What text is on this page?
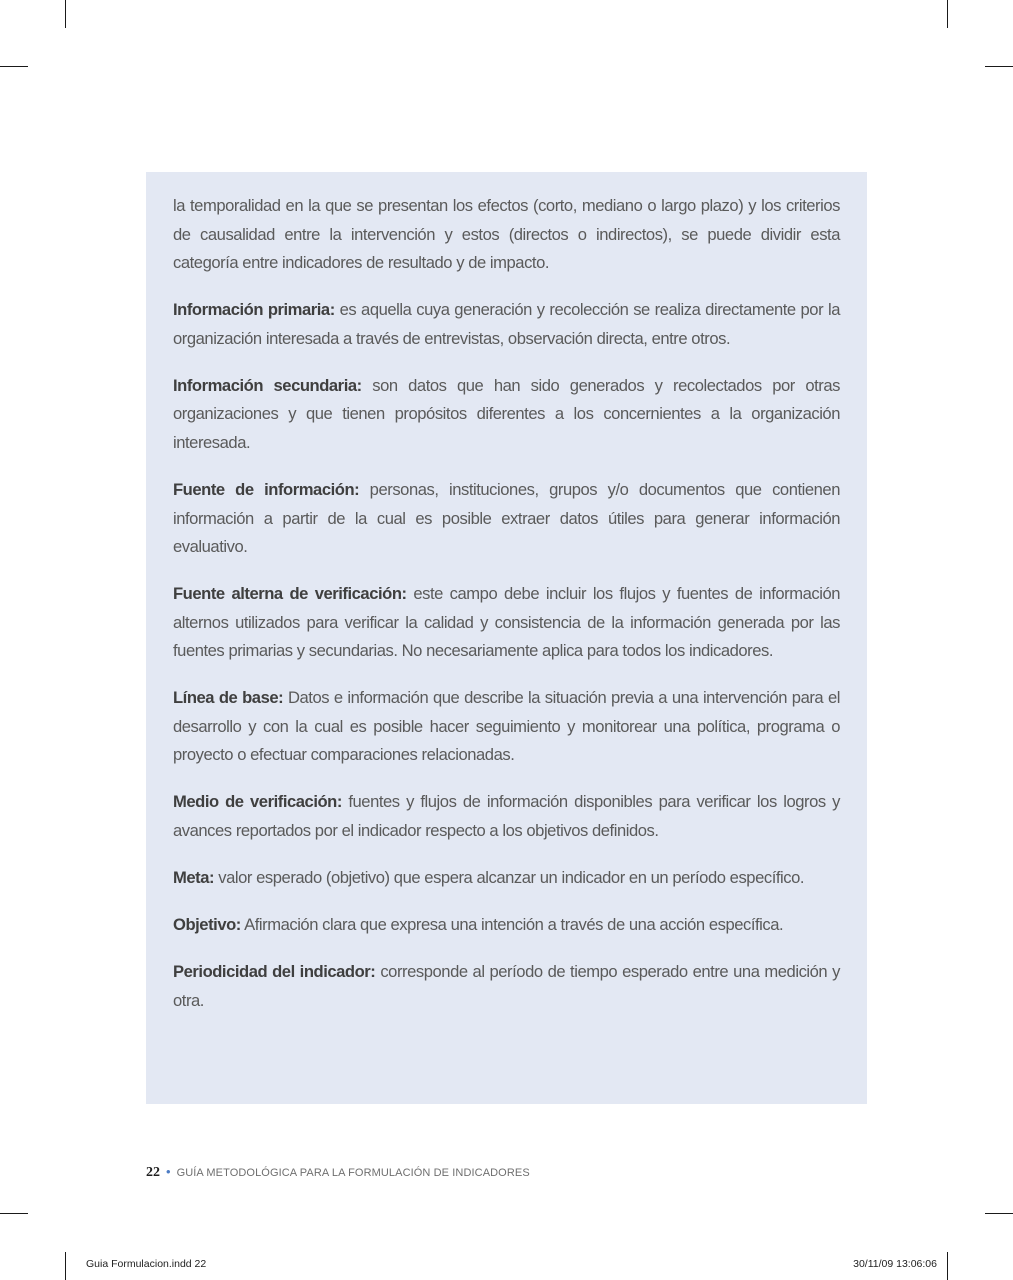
la temporalidad en la que se presentan los efectos (corto, mediano o largo plazo) y los criterios de causalidad entre la intervención y estos (directos o indirectos), se puede dividir esta categoría entre indicadores de resultado y de impacto.

Información primaria: es aquella cuya generación y recolección se realiza directamente por la organización interesada a través de entrevistas, observación directa, entre otros.

Información secundaria: son datos que han sido generados y recolectados por otras organizaciones y que tienen propósitos diferentes a los concernientes a la organización interesada.

Fuente de información: personas, instituciones, grupos y/o documentos que contienen información a partir de la cual es posible extraer datos útiles para generar información evaluativo.

Fuente alterna de verificación: este campo debe incluir los flujos y fuentes de información alternos utilizados para verificar la calidad y consistencia de la información generada por las fuentes primarias y secundarias. No necesariamente aplica para todos los indicadores.

Línea de base: Datos e información que describe la situación previa a una intervención para el desarrollo y con la cual es posible hacer seguimiento y monitorear una política, programa o proyecto o efectuar comparaciones relacionadas.

Medio de verificación: fuentes y flujos de información disponibles para verificar los logros y avances reportados por el indicador respecto a los objetivos definidos.

Meta: valor esperado (objetivo) que espera alcanzar un indicador en un período específico.

Objetivo: Afirmación clara que expresa una intención a través de una acción específica.

Periodicidad del indicador: corresponde al período de tiempo esperado entre una medición y otra.

22 • GUÍA METODOLÓGICA PARA LA FORMULACIÓN DE INDICADORES
Guia Formulacion.indd 22	30/11/09 13:06:06
